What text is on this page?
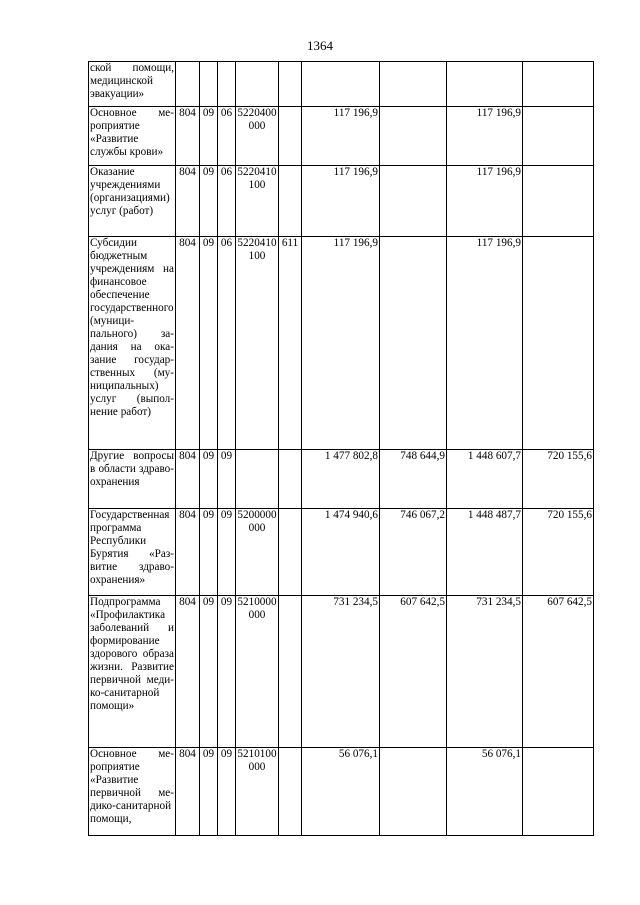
1364
ской помощи, медицинской эвакуации»									
Основное мероприятие «Развитие службы крови»	804	09	06	5220400000		117 196,9		117 196,9	
Оказание учреждениями (организациями) услуг (работ)	804	09	06	5220410100		117 196,9		117 196,9	
Субсидии бюджетным учреждениям на финансовое обеспечение государственного (муниципального) задания на оказание государственных (муниципальных) услуг (выполнение работ)	804	09	06	5220410100	611	117 196,9		117 196,9	
Другие вопросы в области здравоохранения	804	09	09			1 477 802,8	748 644,9	1 448 607,7	720 155,6
Государственная программа Республики Бурятия «Развитие здравоохранения»	804	09	09	5200000000		1 474 940,6	746 067,2	1 448 487,7	720 155,6
Подпрограмма «Профилактика заболеваний и формирование здорового образа жизни. Развитие первичной медико-санитарной помощи»	804	09	09	5210000000		731 234,5	607 642,5	731 234,5	607 642,5
Основное мероприятие «Развитие первичной медико-санитарной помощи,	804	09	09	5210100000		56 076,1		56 076,1	
